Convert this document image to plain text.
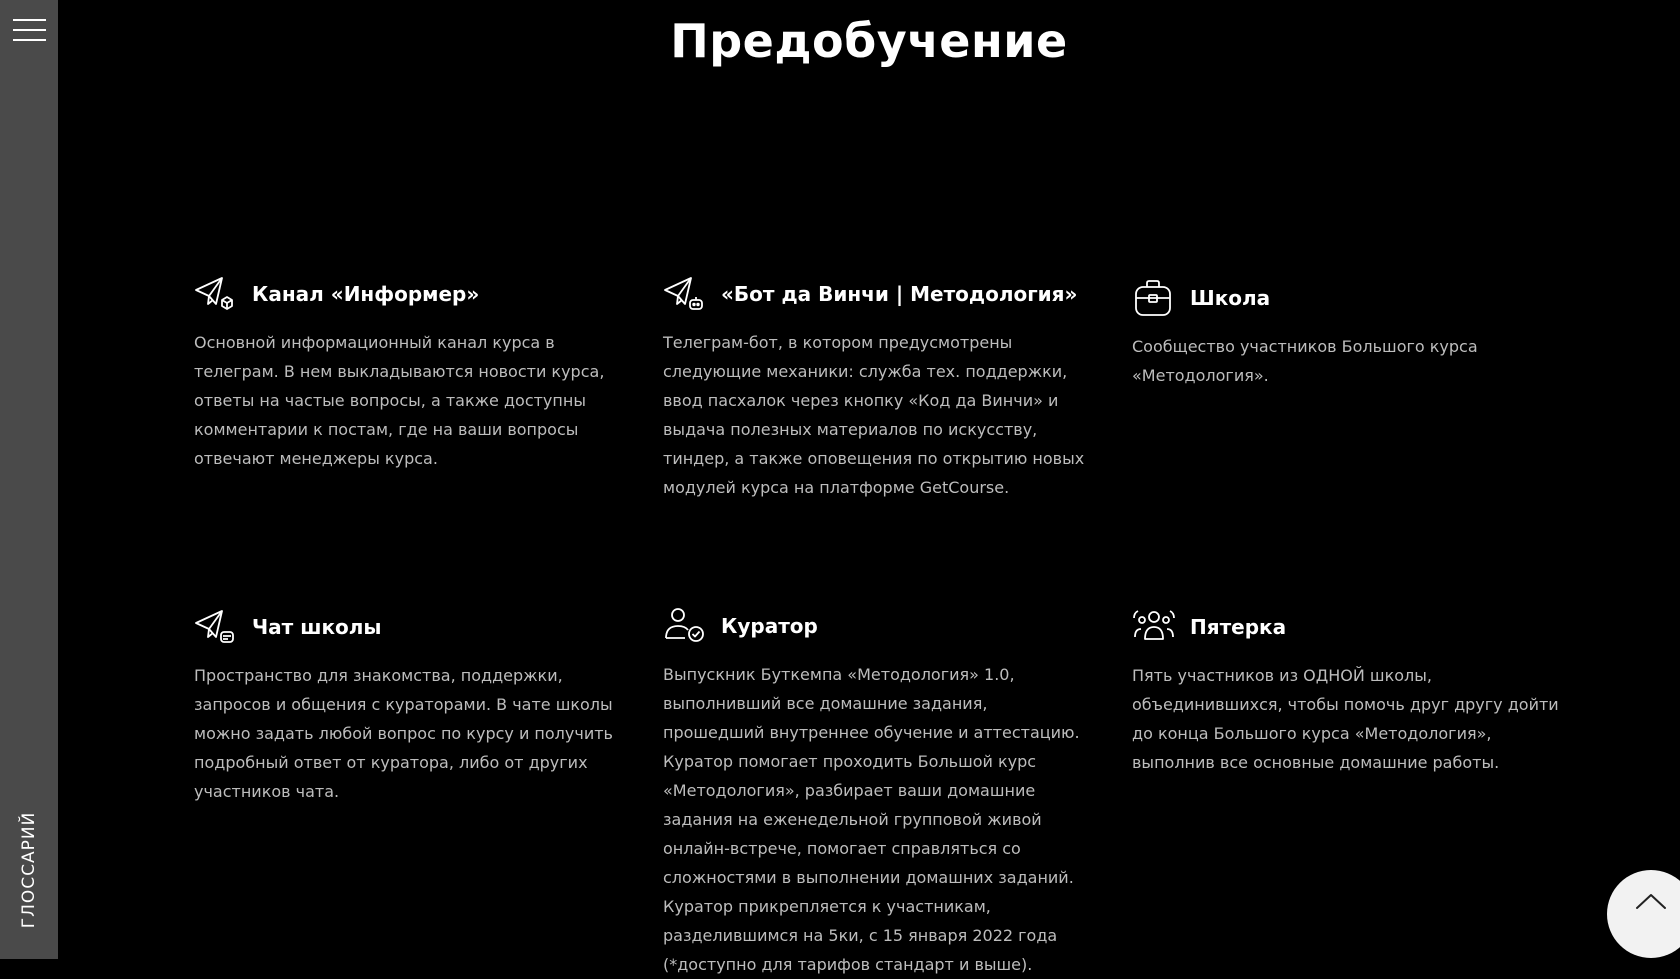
ГЛОССАРИЙ
Предобучение
Канал «Информер»
Основной информационный канал курса в телеграм. В нем выкладываются новости курса, ответы на частые вопросы, а также доступны комментарии к постам, где на ваши вопросы отвечают менеджеры курса.
«Бот да Винчи | Методология»
Телеграм-бот, в котором предусмотрены следующие механики: служба тех. поддержки, ввод пасхалок через кнопку «Код да Винчи» и выдача полезных материалов по искусству, тиндер, а также оповещения по открытию новых модулей курса на платформе GetCourse.
Школа
Сообщество участников Большого курса «Методология».
Чат школы
Пространство для знакомства, поддержки, запросов и общения с кураторами. В чате школы можно задать любой вопрос по курсу и получить подробный ответ от куратора, либо от других участников чата.
Куратор
Выпускник Буткемпа «Методология» 1.0, выполнивший все домашние задания, прошедший внутреннее обучение и аттестацию. Куратор помогает проходить Большой курс «Методология», разбирает ваши домашние задания на еженедельной групповой живой онлайн-встрече, помогает справляться со сложностями в выполнении домашних заданий. Куратор прикрепляется к участникам, разделившимся на 5ки, с 15 января 2022 года (*доступно для тарифов стандарт и выше).
Пятерка
Пять участников из ОДНОЙ школы, объединившихся, чтобы помочь друг другу дойти до конца Большого курса «Методология», выполнив все основные домашние работы.
